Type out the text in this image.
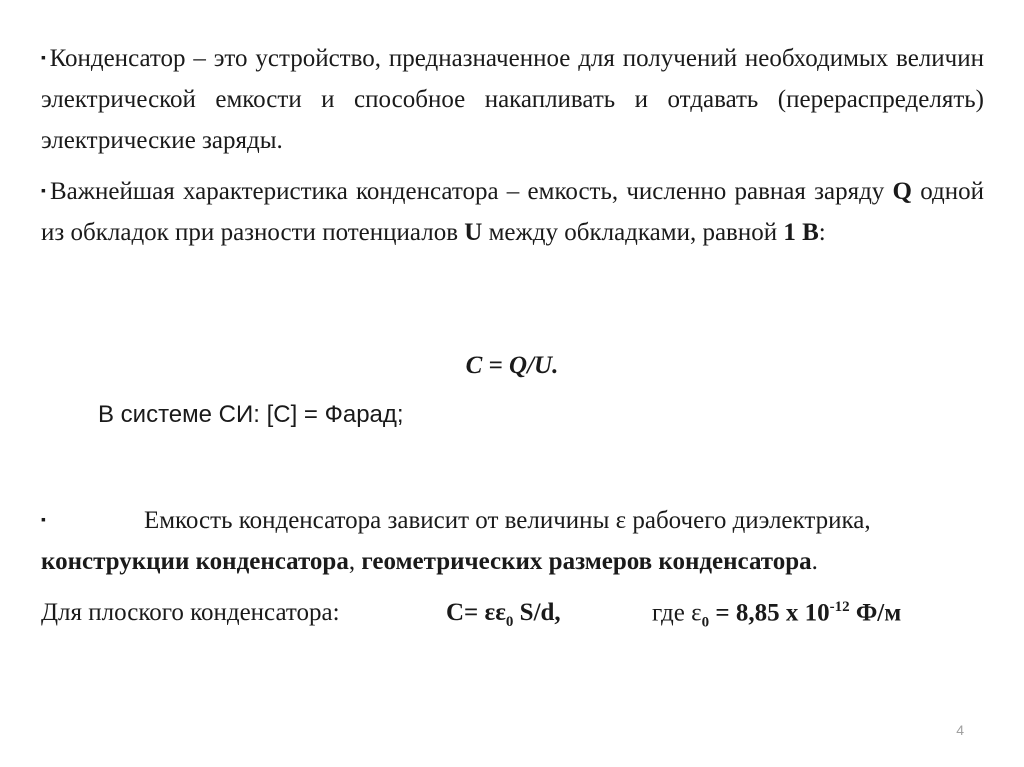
▪Конденсатор – это устройство, предназначенное для получений необходимых величин электрической емкости и способное накапливать и отдавать (перераспределять) электрические заряды.

▪Важнейшая характеристика конденсатора – емкость, численно равная заряду Q одной из обкладок при разности потенциалов U между обкладками, равной 1 В:

C = Q/U.
В системе СИ: [C] = Фарад;

▪	Емкость конденсатора зависит от величины ε рабочего диэлектрика, конструкции конденсатора, геометрических размеров конденсатора.

Для плоского конденсатора:	$C= \varepsilon\varepsilon_0$ S/d,	где $\varepsilon_0 = 8,85$ х $10^{-12}$ Ф/м
4
